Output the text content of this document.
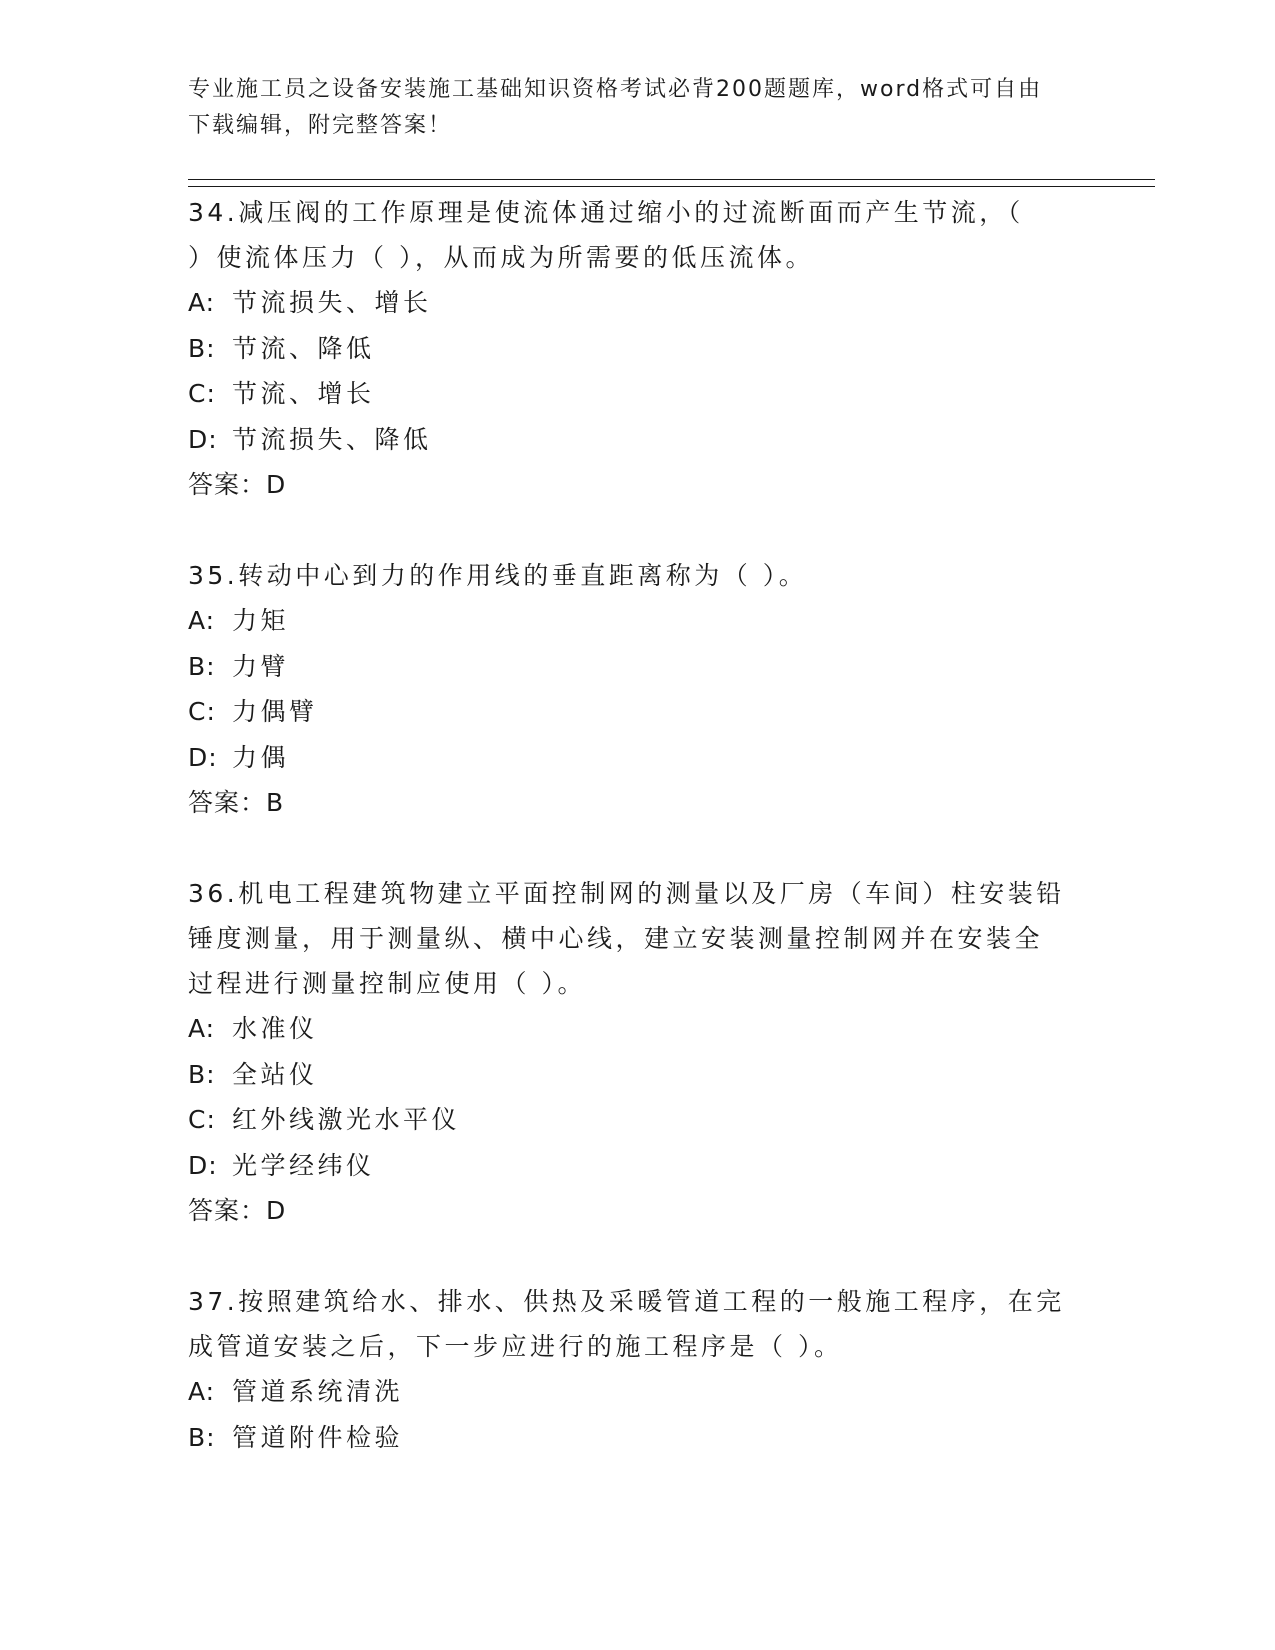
专业施工员之设备安装施工基础知识资格考试必背200题题库，word格式可自由
下载编辑，附完整答案！
34.减压阀的工作原理是使流体通过缩小的过流断面而产生节流，（
）使流体压力（ ），从而成为所需要的低压流体。
A: 节流损失、增长
B: 节流、降低
C: 节流、增长
D: 节流损失、降低
答案：D
35.转动中心到力的作用线的垂直距离称为（ ）。
A: 力矩
B: 力臂
C: 力偶臂
D: 力偶
答案：B
36.机电工程建筑物建立平面控制网的测量以及厂房（车间）柱安装铅
锤度测量，用于测量纵、横中心线，建立安装测量控制网并在安装全
过程进行测量控制应使用（ ）。
A: 水准仪
B: 全站仪
C: 红外线激光水平仪
D: 光学经纬仪
答案：D
37.按照建筑给水、排水、供热及采暖管道工程的一般施工程序，在完
成管道安装之后，下一步应进行的施工程序是（ ）。
A: 管道系统清洗
B: 管道附件检验
